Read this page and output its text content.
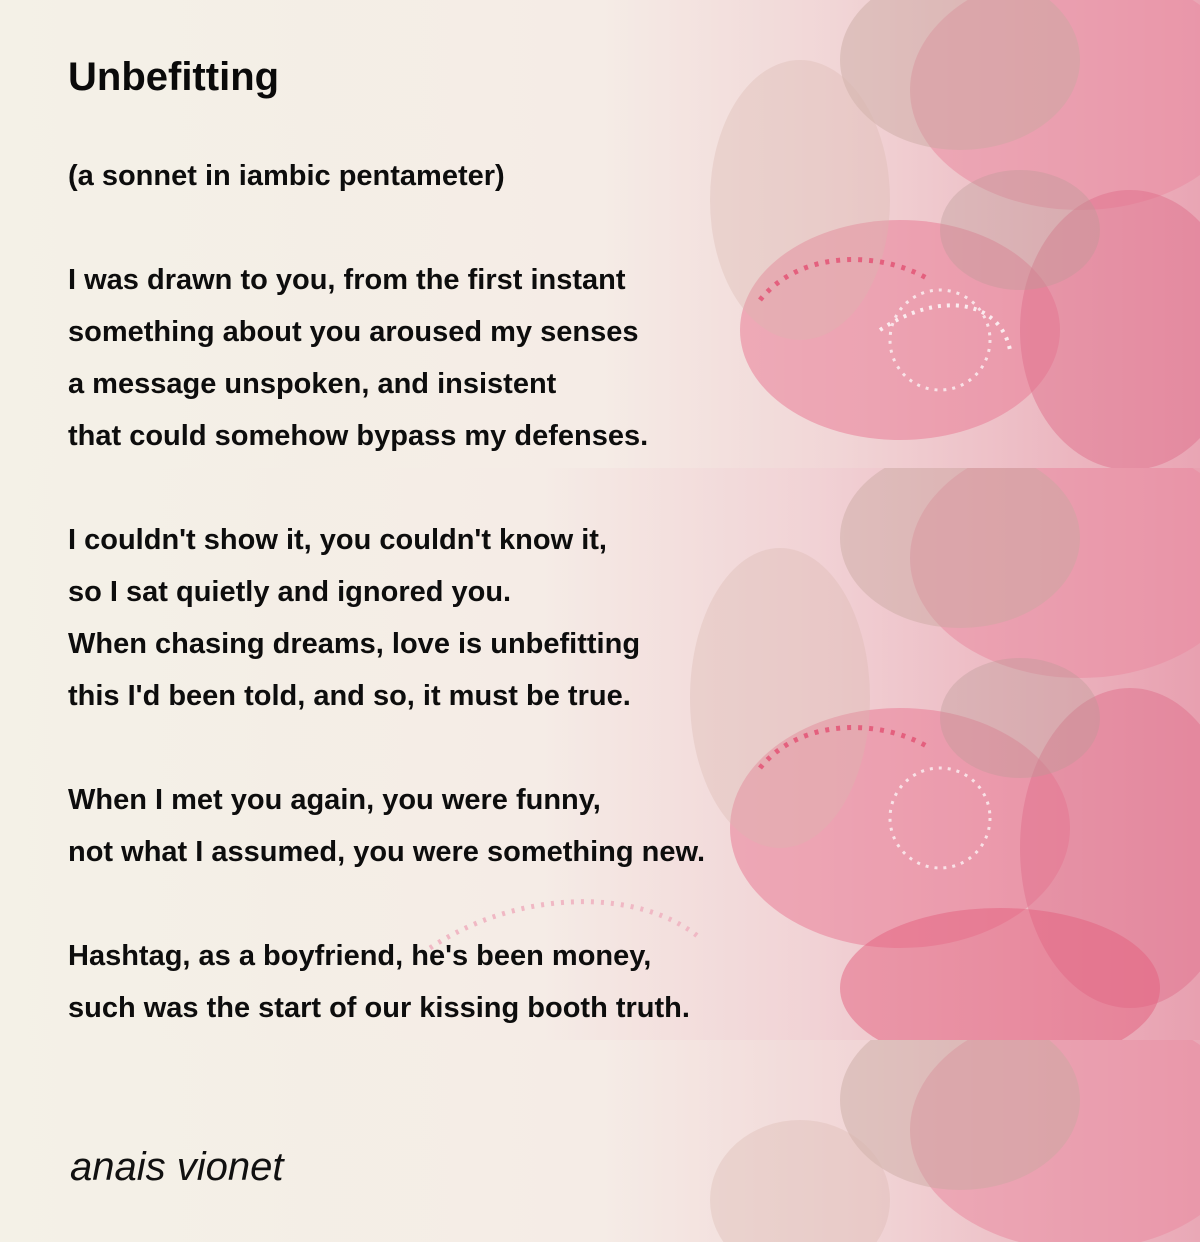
Unbefitting
(a sonnet in iambic pentameter)
I was drawn to you, from the first instant
something about you aroused my senses
a message unspoken, and insistent
that could somehow bypass my defenses.
I couldn't show it, you couldn't know it,
so I sat quietly and ignored you.
When chasing dreams, love is unbefitting
this I'd been told, and so, it must be true.
When I met you again, you were funny,
not what I assumed, you were something new.
Hashtag, as a boyfriend, he's been money,
such was the start of our kissing booth truth.

anais vionet
